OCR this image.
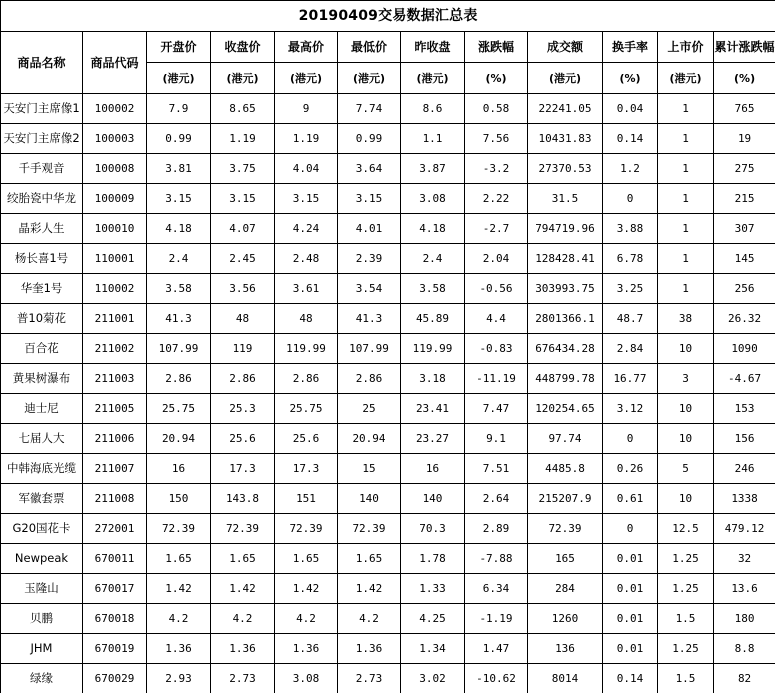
20190409交易数据汇总表											
商品名称	商品代码	开盘价	收盘价	最高价	最低价	昨收盘	涨跌幅	成交额	换手率	上市价	累计涨跌幅
		(港元)	(港元)	(港元)	(港元)	(港元)	(%)	(港元)	(%)	(港元)	(%)
天安门主席像1	100002	7.9	8.65	9	7.74	8.6	0.58	22241.05	0.04	1	765
天安门主席像2	100003	0.99	1.19	1.19	0.99	1.1	7.56	10431.83	0.14	1	19
千手观音	100008	3.81	3.75	4.04	3.64	3.87	-3.2	27370.53	1.2	1	275
绞胎瓷中华龙	100009	3.15	3.15	3.15	3.15	3.08	2.22	31.5	0	1	215
晶彩人生	100010	4.18	4.07	4.24	4.01	4.18	-2.7	794719.96	3.88	1	307
杨长喜1号	110001	2.4	2.45	2.48	2.39	2.4	2.04	128428.41	6.78	1	145
华奎1号	110002	3.58	3.56	3.61	3.54	3.58	-0.56	303993.75	3.25	1	256
普10菊花	211001	41.3	48	48	41.3	45.89	4.4	2801366.1	48.7	38	26.32
百合花	211002	107.99	119	119.99	107.99	119.99	-0.83	676434.28	2.84	10	1090
黄果树瀑布	211003	2.86	2.86	2.86	2.86	3.18	-11.19	448799.78	16.77	3	-4.67
迪士尼	211005	25.75	25.3	25.75	25	23.41	7.47	120254.65	3.12	10	153
七届人大	211006	20.94	25.6	25.6	20.94	23.27	9.1	97.74	0	10	156
中韩海底光缆	211007	16	17.3	17.3	15	16	7.51	4485.8	0.26	5	246
军徽套票	211008	150	143.8	151	140	140	2.64	215207.9	0.61	10	1338
G20国花卡	272001	72.39	72.39	72.39	72.39	70.3	2.89	72.39	0	12.5	479.12
Newpeak	670011	1.65	1.65	1.65	1.65	1.78	-7.88	165	0.01	1.25	32
玉隆山	670017	1.42	1.42	1.42	1.42	1.33	6.34	284	0.01	1.25	13.6
贝鹏	670018	4.2	4.2	4.2	4.2	4.25	-1.19	1260	0.01	1.5	180
JHM	670019	1.36	1.36	1.36	1.36	1.34	1.47	136	0.01	1.25	8.8
绿缘	670029	2.93	2.73	3.08	2.73	3.02	-10.62	8014	0.14	1.5	82
